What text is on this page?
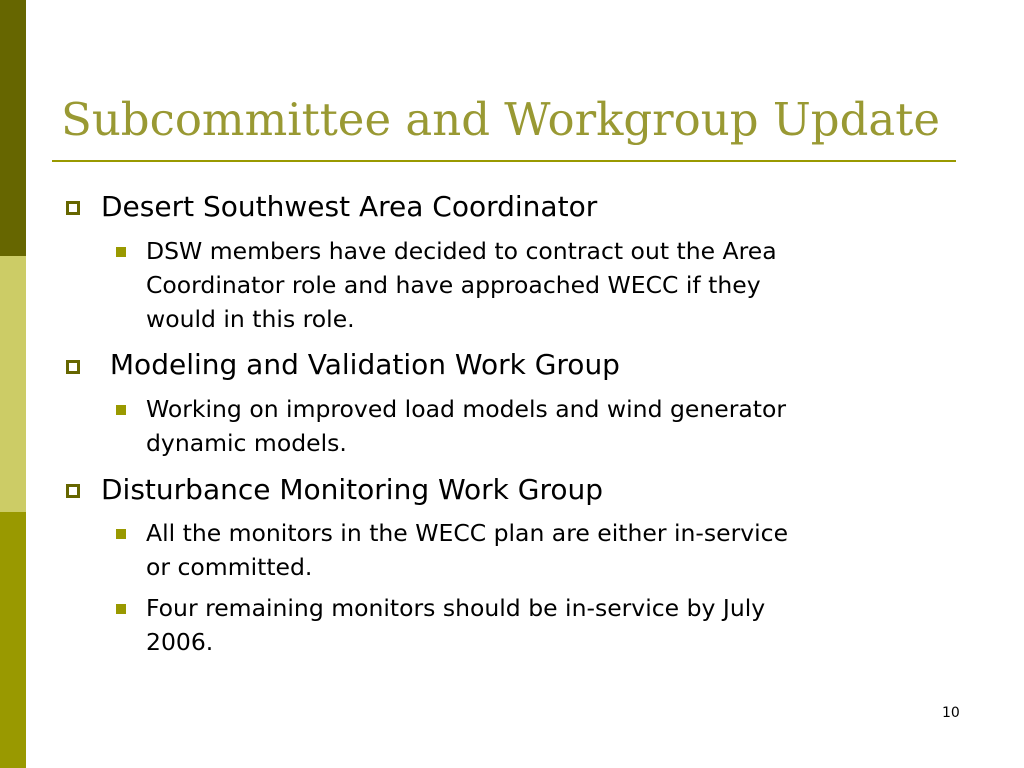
Subcommittee and Workgroup Update
Desert Southwest Area Coordinator
DSW members have decided to contract out the Area
Coordinator role and have approached WECC if they
would in this role.
Modeling and Validation Work Group
Working on improved load models and wind generator
dynamic models.
Disturbance Monitoring Work Group
All the monitors in the WECC plan are either in-service
or committed.
Four remaining monitors should be in-service by July
2006.
10
